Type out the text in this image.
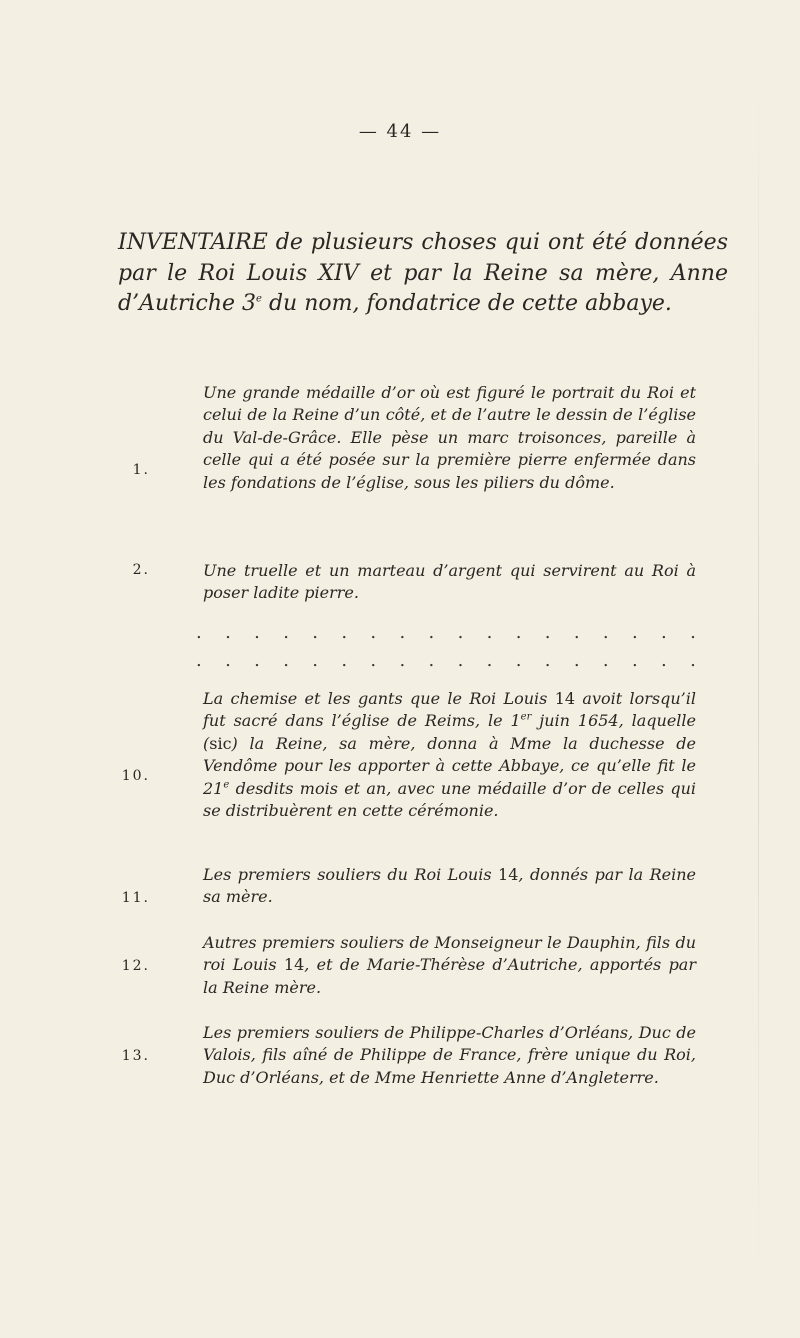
— 44 —
INVENTAIRE de plusieurs choses qui ont été données par le Roi Louis XIV et par la Reine sa mère, Anne d’Autriche 3e du nom, fondatrice de cette abbaye.
1.
Une grande médaille d’or où est figuré le portrait du Roi et celui de la Reine d’un côté, et de l’autre le dessin de l’église du Val-de-Grâce. Elle pèse un marc troisonces, pareille à celle qui a été posée sur la première pierre enfermée dans les fondations de l’église, sous les piliers du dôme.
2.	Une truelle et un marteau d’argent qui servirent au Roi à poser ladite pierre.
. . . . . . . . . . . . . . . . . .
. . . . . . . . . . . . . . . . . .
10.
La chemise et les gants que le Roi Louis 14 avoit lorsqu’il fut sacré dans l’église de Reims, le 1er juin 1654, laquelle (sic) la Reine, sa mère, donna à Mme la duchesse de Vendôme pour les apporter à cette Abbaye, ce qu’elle fit le 21e desdits mois et an, avec une médaille d’or de celles qui se distribuèrent en cette cérémonie.
11.
Les premiers souliers du Roi Louis 14, donnés par la Reine sa mère.
12.
Autres premiers souliers de Monseigneur le Dauphin, fils du roi Louis 14, et de Marie-Thérèse d’Autriche, apportés par la Reine mère.
13.
Les premiers souliers de Philippe-Charles d’Orléans, Duc de Valois, fils aîné de Philippe de France, frère unique du Roi, Duc d’Orléans, et de Mme Henriette Anne d’Angleterre.
